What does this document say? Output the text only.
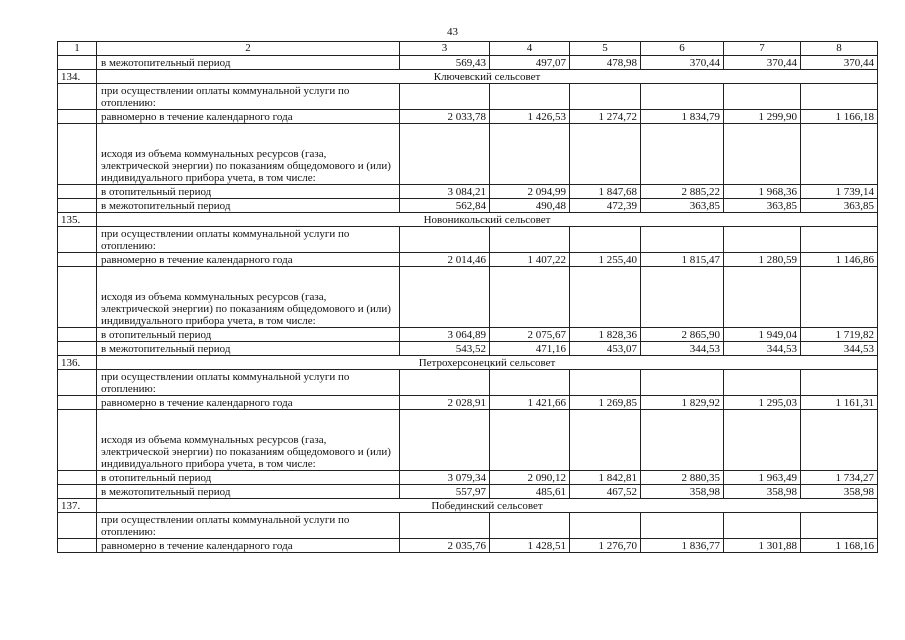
43
1	2	3	4	5	6	7	8
	в межотопительный период	569,43	497,07	478,98	370,44	370,44	370,44
134.	Ключевский сельсовет						
	при осуществлении оплаты коммунальной услуги по отоплению:						
	равномерно в течение календарного года	2 033,78	1 426,53	1 274,72	1 834,79	1 299,90	1 166,18
	исходя из объема коммунальных ресурсов (газа, электрической энергии) по показаниям общедомового и (или) индивидуального прибора учета, в том числе:						
	в отопительный период	3 084,21	2 094,99	1 847,68	2 885,22	1 968,36	1 739,14
	в межотопительный период	562,84	490,48	472,39	363,85	363,85	363,85
135.	Новоникольский сельсовет						
	при осуществлении оплаты коммунальной услуги по отоплению:						
	равномерно в течение календарного года	2 014,46	1 407,22	1 255,40	1 815,47	1 280,59	1 146,86
	исходя из объема коммунальных ресурсов (газа, электрической энергии) по показаниям общедомового и (или) индивидуального прибора учета, в том числе:						
	в отопительный период	3 064,89	2 075,67	1 828,36	2 865,90	1 949,04	1 719,82
	в межотопительный период	543,52	471,16	453,07	344,53	344,53	344,53
136.	Петрохерсонецкий сельсовет						
	при осуществлении оплаты коммунальной услуги по отоплению:						
	равномерно в течение календарного года	2 028,91	1 421,66	1 269,85	1 829,92	1 295,03	1 161,31
	исходя из объема коммунальных ресурсов (газа, электрической энергии) по показаниям общедомового и (или) индивидуального прибора учета, в том числе:						
	в отопительный период	3 079,34	2 090,12	1 842,81	2 880,35	1 963,49	1 734,27
	в межотопительный период	557,97	485,61	467,52	358,98	358,98	358,98
137.	Побединский сельсовет						
	при осуществлении оплаты коммунальной услуги по отоплению:						
	равномерно в течение календарного года	2 035,76	1 428,51	1 276,70	1 836,77	1 301,88	1 168,16
